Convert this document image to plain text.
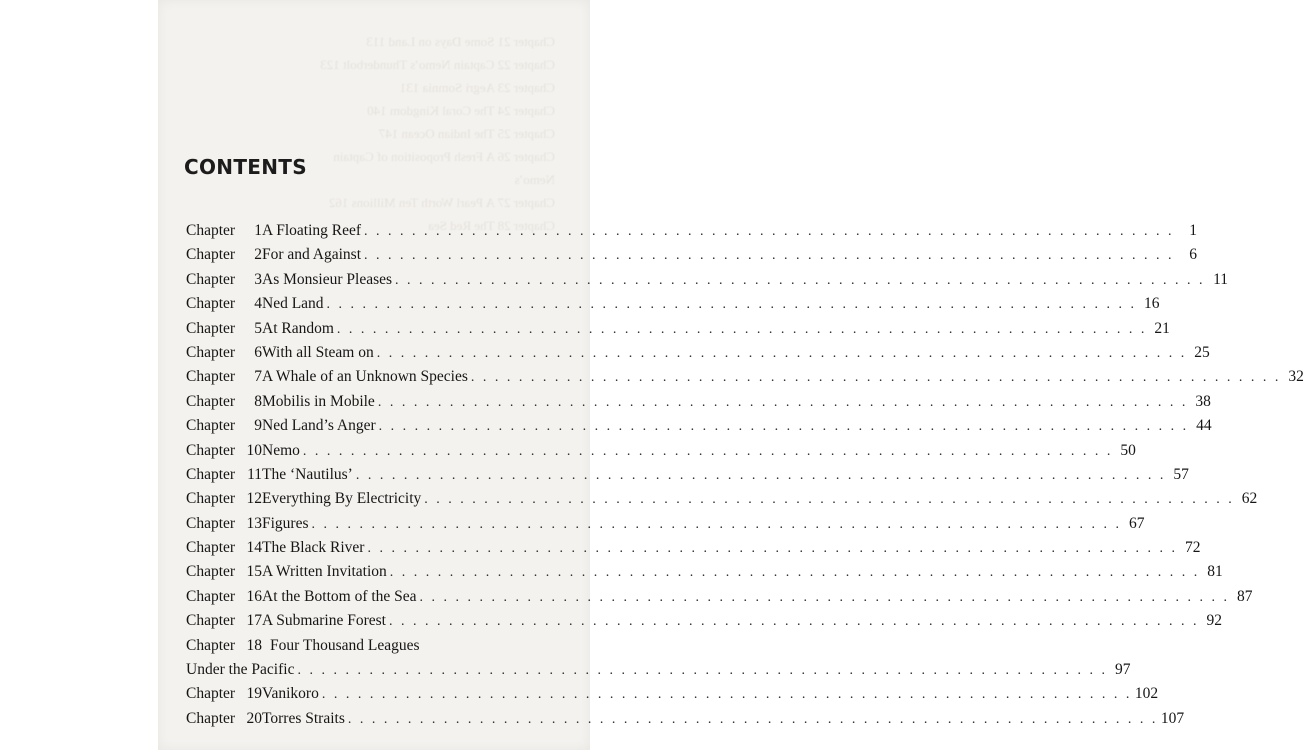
Chapter 21 Some Days on Land 113
Chapter 22 Captain Nemo’s Thunderbolt 123
Chapter 23 Aegri Somnia 131
Chapter 24 The Coral Kingdom 140
Chapter 25 The Indian Ocean 147
Chapter 26 A Fresh Proposition of Captain
Nemo’s
Chapter 27 A Pearl Worth Ten Millions 162
Chapter 28 The Red Sea
CONTENTS
Chapter 1 A Floating Reef . . .	1
Chapter 2 For and Against . . .	6
Chapter 3 As Monsieur Pleases . . .	11
Chapter 4 Ned Land . . .	16
Chapter 5 At Random . . .	21
Chapter 6 With all Steam on . . .	25
Chapter 7 A Whale of an Unknown Species . . .	32
Chapter 8 Mobilis in Mobile . . .	38
Chapter 9 Ned Land’s Anger . . .	44
Chapter 10 Nemo . . .	50
Chapter 11 The ‘Nautilus’ . . .	57
Chapter 12 Everything By Electricity . . .	62
Chapter 13 Figures . . .	67
Chapter 14 The Black River . . .	72
Chapter 15 A Written Invitation . . .	81
Chapter 16 At the Bottom of the Sea . . .	87
Chapter 17 A Submarine Forest . . .	92
Chapter 18 Four Thousand Leagues
Under the Pacific . . .	97
Chapter 19 Vanikoro . . .	102
Chapter 20 Torres Straits . . .	107
